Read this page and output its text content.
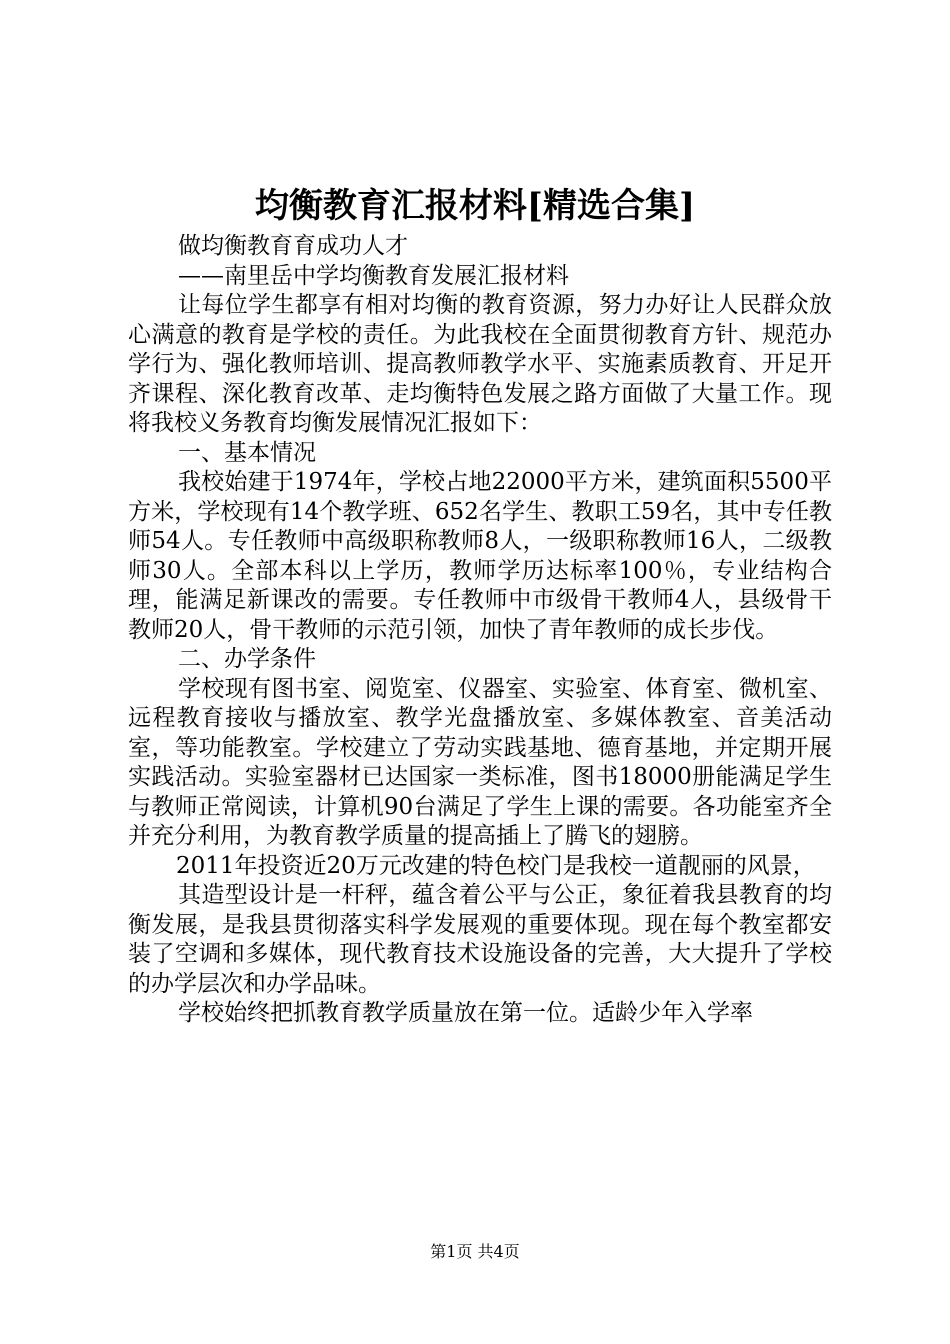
均衡教育汇报材料[精选合集]

做均衡教育育成功人才

——南里岳中学均衡教育发展汇报材料

让每位学生都享有相对均衡的教育资源，努力办好让人民群众放心满意的教育是学校的责任。为此我校在全面贯彻教育方针、规范办学行为、强化教师培训、提高教师教学水平、实施素质教育、开足开齐课程、深化教育改革、走均衡特色发展之路方面做了大量工作。现将我校义务教育均衡发展情况汇报如下：

一、基本情况

我校始建于1974年，学校占地22000平方米，建筑面积5500平方米，学校现有14个教学班、652名学生、教职工59名，其中专任教师54人。专任教师中高级职称教师8人，一级职称教师16人，二级教师30人。全部本科以上学历，教师学历达标率100％，专业结构合理，能满足新课改的需要。专任教师中市级骨干教师4人，县级骨干教师20人，骨干教师的示范引领，加快了青年教师的成长步伐。

二、办学条件

学校现有图书室、阅览室、仪器室、实验室、体育室、微机室、远程教育接收与播放室、教学光盘播放室、多媒体教室、音美活动室，等功能教室。学校建立了劳动实践基地、德育基地，并定期开展实践活动。实验室器材已达国家一类标准，图书18000册能满足学生与教师正常阅读，计算机90台满足了学生上课的需要。各功能室齐全并充分利用，为教育教学质量的提高插上了腾飞的翅膀。

2011年投资近20万元改建的特色校门是我校一道靓丽的风景，

其造型设计是一杆秤，蕴含着公平与公正，象征着我县教育的均衡发展，是我县贯彻落实科学发展观的重要体现。现在每个教室都安装了空调和多媒体，现代教育技术设施设备的完善，大大提升了学校的办学层次和办学品味。

学校始终把抓教育教学质量放在第一位。适龄少年入学率

第1页 共4页
